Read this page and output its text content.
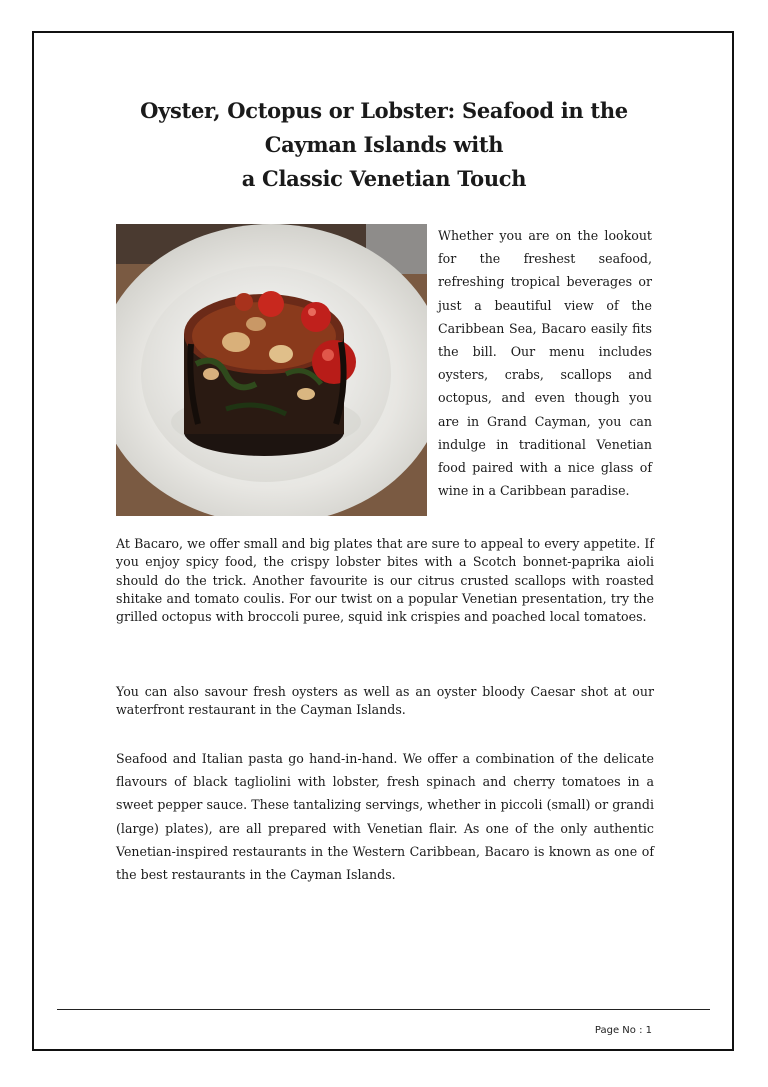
Oyster, Octopus or Lobster: Seafood in the
Cayman Islands with
a Classic Venetian Touch

Whether you are on the lookout for the freshest seafood, refreshing tropical beverages or just a beautiful view of the Caribbean Sea, Bacaro easily fits the bill. Our menu includes oysters, crabs, scallops and octopus, and even though you are in Grand Cayman, you can indulge in traditional Venetian food paired with a nice glass of wine in a Caribbean paradise.

At Bacaro, we offer small and big plates that are sure to appeal to every appetite. If you enjoy spicy food, the crispy lobster bites with a Scotch bonnet-paprika aioli should do the trick. Another favourite is our citrus crusted scallops with roasted shitake and tomato coulis. For our twist on a popular Venetian presentation, try the grilled octopus with broccoli puree, squid ink crispies and poached local tomatoes.

You can also savour fresh oysters as well as an oyster bloody Caesar shot at our waterfront restaurant in the Cayman Islands.

Seafood and Italian pasta go hand-in-hand. We offer a combination of the delicate flavours of black tagliolini with lobster, fresh spinach and cherry tomatoes in a sweet pepper sauce. These tantalizing servings, whether in piccoli (small) or grandi (large) plates), are all prepared with Venetian flair. As one of the only authentic Venetian-inspired restaurants in the Western Caribbean, Bacaro is known as one of the best restaurants in the Cayman Islands.

Page No : 1
